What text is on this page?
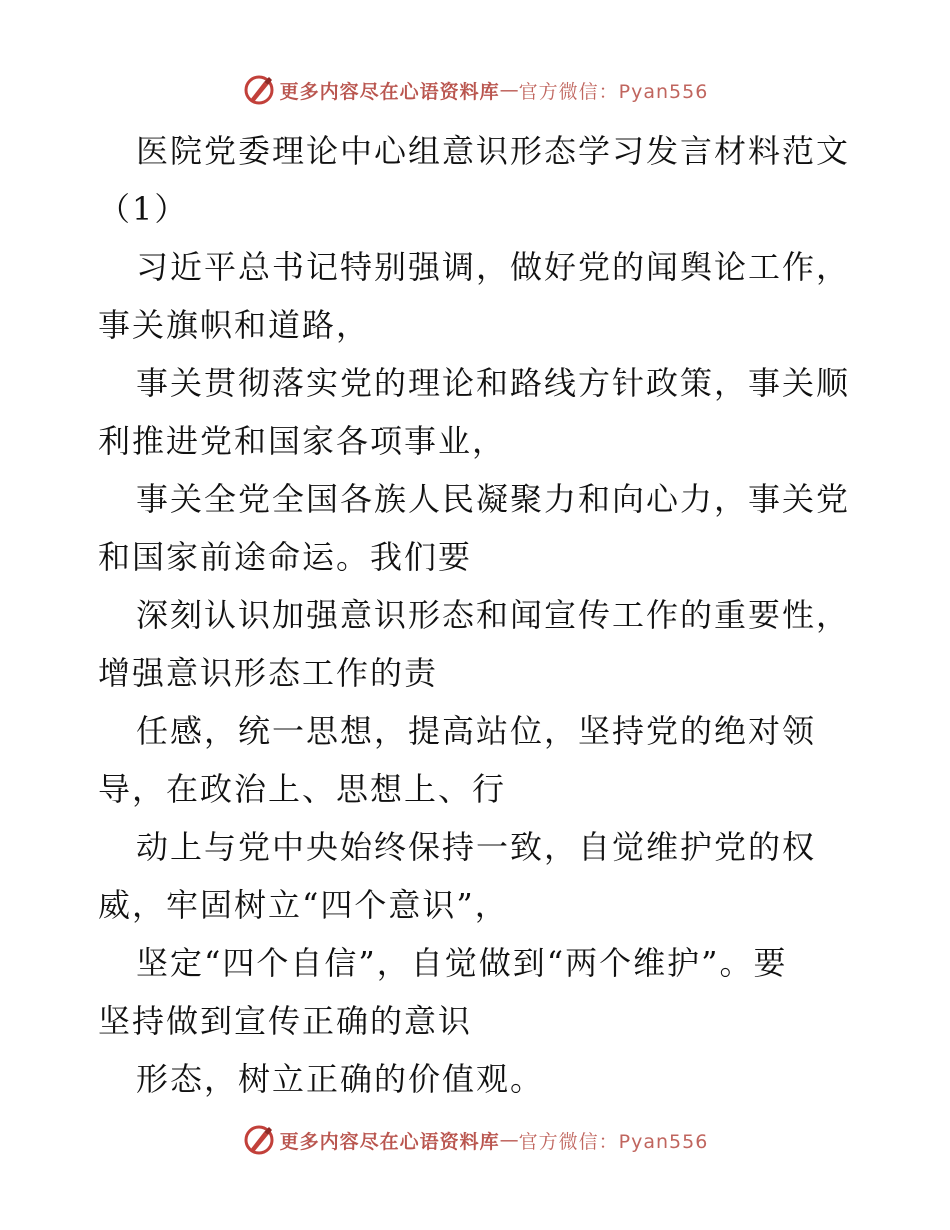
更多内容尽在心语资料库 — 官方微信：Pyan556

医院党委理论中心组意识形态学习发言材料范文
（1）

习近平总书记特别强调，做好党的闻舆论工作，
事关旗帜和道路，

事关贯彻落实党的理论和路线方针政策，事关顺
利推进党和国家各项事业，

事关全党全国各族人民凝聚力和向心力，事关党
和国家前途命运。我们要

深刻认识加强意识形态和闻宣传工作的重要性，
增强意识形态工作的责

任感，统一思想，提高站位，坚持党的绝对领
导，在政治上、思想上、行

动上与党中央始终保持一致，自觉维护党的权
威，牢固树立“四个意识”，

坚定“四个自信”，自觉做到“两个维护”。要
坚持做到宣传正确的意识

形态，树立正确的价值观。

更多内容尽在心语资料库 — 官方微信：Pyan556
